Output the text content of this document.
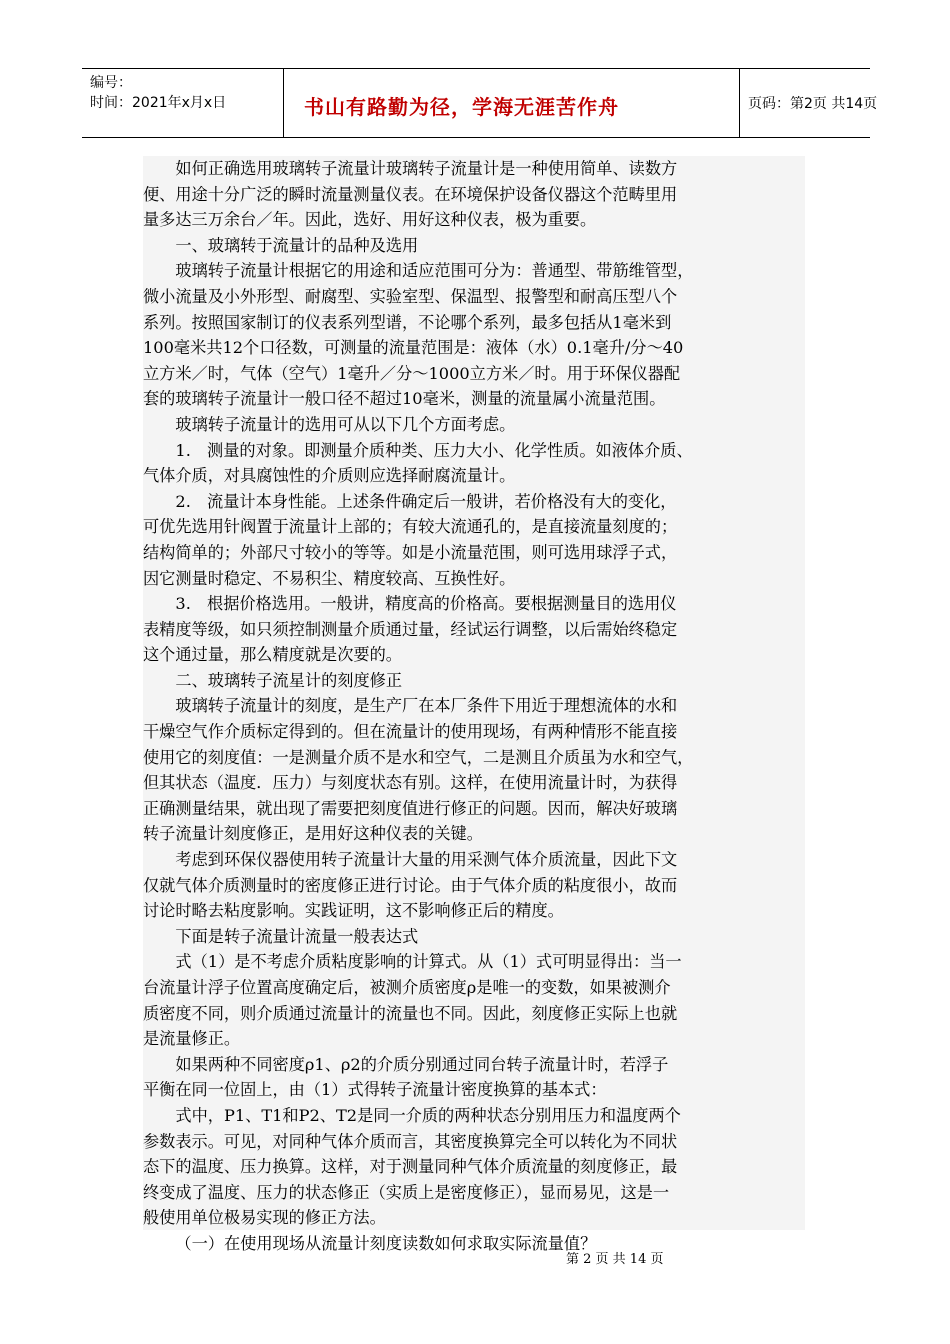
编号：
时间：2021年x月x日	书山有路勤为径，学海无涯苦作舟	页码：第2页 共14页

如何正确选用玻璃转子流量计玻璃转子流量计是一种使用简单、读数方
便、用途十分广泛的瞬时流量测量仪表。在环境保护设备仪器这个范畴里用
量多达三万余台／年。因此，选好、用好这种仪表，极为重要。

一、玻璃转于流量计的品种及选用

玻璃转子流量计根据它的用途和适应范围可分为：普通型、带筋维管型，
微小流量及小外形型、耐腐型、实验室型、保温型、报警型和耐高压型八个
系列。按照国家制订的仪表系列型谱，不论哪个系列，最多包括从1毫米到
100毫米共12个口径数，可测量的流量范围是：液体（水）0.1毫升/分～40
立方米／时，气体（空气）1毫升／分～1000立方米／时。用于环保仪器配
套的玻璃转子流量计一般口径不超过10毫米，测量的流量属小流量范围。

玻璃转子流量计的选用可从以下几个方面考虑。

1.　测量的对象。即测量介质种类、压力大小、化学性质。如液体介质、
气体介质，对具腐蚀性的介质则应选择耐腐流量计。

2.　流量计本身性能。上述条件确定后一般讲，若价格没有大的变化，
可优先选用针阀置于流量计上部的；有较大流通孔的，是直接流量刻度的；
结构简单的；外部尺寸较小的等等。如是小流量范围，则可选用球浮子式，
因它测量时稳定、不易积尘、精度较高、互换性好。

3.　根据价格选用。一般讲，精度高的价格高。要根据测量目的选用仪
表精度等级，如只须控制测量介质通过量，经试运行调整，以后需始终稳定
这个通过量，那么精度就是次要的。

二、玻璃转子流星计的刻度修正

玻璃转子流量计的刻度，是生产厂在本厂条件下用近于理想流体的水和
干燥空气作介质标定得到的。但在流量计的使用现场，有两种情形不能直接
使用它的刻度值：一是测量介质不是水和空气，二是测且介质虽为水和空气，
但其状态（温度．压力）与刻度状态有别。这样，在使用流量计时，为获得
正确测量结果，就出现了需要把刻度值进行修正的问题。因而，解决好玻璃
转子流量计刻度修正，是用好这种仪表的关键。

考虑到环保仪器使用转子流量计大量的用采测气体介质流量，因此下文
仅就气体介质测量时的密度修正进行讨论。由于气体介质的粘度很小，故而
讨论时略去粘度影响。实践证明，这不影响修正后的精度。

下面是转子流量计流量一般表达式

式（1）是不考虑介质粘度影响的计算式。从（1）式可明显得出：当一
台流量计浮子位置高度确定后，被测介质密度ρ是唯一的变数，如果被测介
质密度不同，则介质通过流量计的流量也不同。因此，刻度修正实际上也就
是流量修正。

如果两种不同密度ρ1、ρ2的介质分别通过同台转子流量计时，若浮子
平衡在同一位固上，由（1）式得转子流量计密度换算的基本式：

式中，P1、T1和P2、T2是同一介质的两种状态分别用压力和温度两个
参数表示。可见，对同种气体介质而言，其密度换算完全可以转化为不同状
态下的温度、压力换算。这样，对于测量同种气体介质流量的刻度修正，最
终变成了温度、压力的状态修正（实质上是密度修正），显而易见，这是一
般使用单位极易实现的修正方法。

（一）在使用现场从流量计刻度读数如何求取实际流量值？

第 2 页 共 14 页
